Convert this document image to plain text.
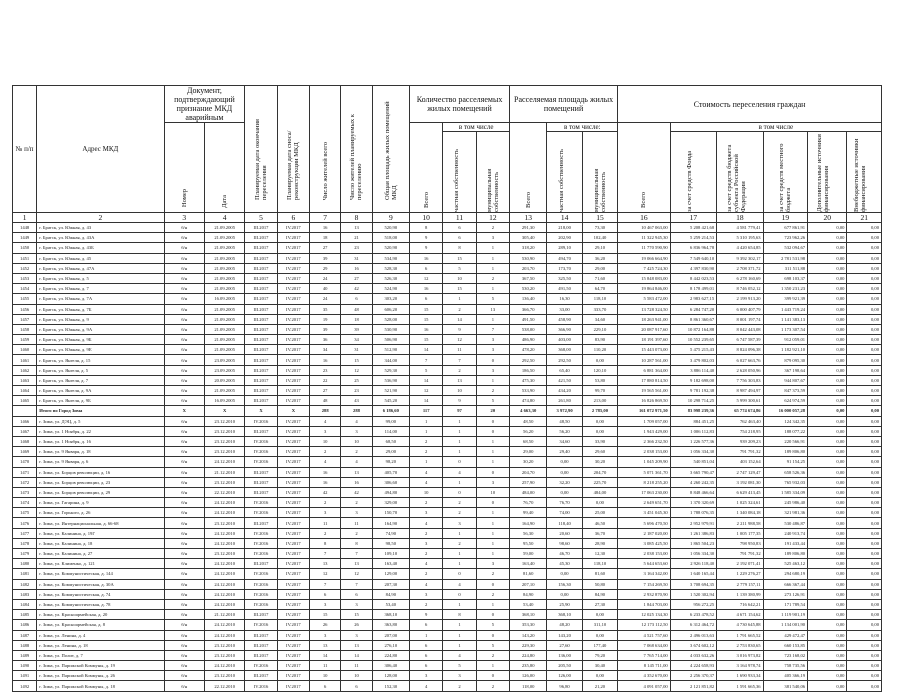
№ п/п	Адрес МКД	Документ, подтверждающий признание МКД аварийным		Планируемая дата окончания переселения	Планируемая дата сноса/реконструкции МКД	Число жителей всего	Число жителей планируемых к переселению	Общая площадь жилых помещений МКД	Количество расселяемых жилых помещений			Расселяемая площадь жилых помещений			Стоимость переселения граждан					

		Номер	Дата						Всего	в том числе		Всего	в том числе:		Всего	в том числе				

										частная собственность	муниципальная собственность		частная собственность	муниципальная собственность		за счет средств Фонда	за счет средств бюджета субъекта Российской Федерации	за счет средств местного бюджета	Дополнительные источники финансирования	Внебюджетные источники финансирования

1	2	3	4	5	6	7	8	9	10	11	12	13	14	15	16	17	18	19	20	21
1448	г. Братск, ул. Южная, д. 43	б/н	21.09.2005	III.2017	IV.2017	16	13	520,90	8	6	2	291,30	218,00	73,30	10 467 063,00	5 208 421,68	4 581 779,41	677 861,91	0,00	0,00
1449	г. Братск, ул. Южная, д. 43А	б/н	21.09.2005	III.2017	IV.2017	18	21	518,00	9	6	3	305,40	202,90	102,40	11 322 945,30	5 259 214,53	5 310 195,63	723 962,26	0,00	0,00
1450	г. Братск, ул. Южная, д. 43Б	б/н	21.09.2005	III.2017	IV.2017	27	23	520,90	9	8	1	318,20	289,10	29,10	11 770 590,90	6 836 964,78	4 420 654,85	532 094,67	0,00	0,00
1451	г. Братск, ул. Южная, д. 45	б/н	21.09.2005	III.2017	IV.2017	39	31	534,90	16	15	1	530,90	494,70	36,20	19 066 664,90	7 549 640,10	9 392 302,17	2 781 531,98	0,00	0,00
1452	г. Братск, ул. Южная, д. 47А	б/н	21.09.2005	III.2017	IV.2017	29	16	528,30	6	5	1	203,70	173,70	29,00	7 425 724,30	4 397 830,90	2 708 371,72	311 511,88	0,00	0,00
1453	г. Братск, ул. Южная, д. 5	б/н	21.09.2005	III.2017	IV.2017	24	27	526,30	12	10	2	367,50	325,50	71,60	15 848 083,00	8 442 023,53	6 278 160,69	698 103,37	0,00	0,00
1454	г. Братск, ул. Южная, д. 7	б/н	21.09.2005	III.2017	IV.2017	40	42	524,90	16	15	1	530,20	491,50	64,70	19 864 846,00	8 178 499,01	8 746 052,12	1 350 231,23	0,00	0,00
1455	г. Братск, ул. Южная, д. 7А	б/н	16.09.2005	III.2017	IV.2017	24	6	303,20	6	1	5	136,40	16,30	118,10	5 583 472,00	2 983 627,15	2 199 913,20	399 921,39	0,00	0,00
1456	г. Братск, ул. Южная, д. 7Б	б/н	21.09.2005	III.2017	IV.2017	35	48	606,20	15	2	13	366,70	33,00	333,70	13 728 324,50	6 284 747,20	6 000 407,79	1 443 719,24	0,00	0,00
1457	г. Братск, ул. Южная, д. 9	б/н	21.09.2005	III.2017	IV.2017	19	18	528,00	15	14	1	491,50	458,90	34,60	18 263 941,00	8 861 360,67	8 001 197,74	1 141 383,13	0,00	0,00
1458	г. Братск, ул. Южная, д. 9А	б/н	21.09.2005	III.2017	IV.2017	39	39	530,90	16	9	7	538,00	366,90	229,10	20 087 917,60	10 872 164,88	8 042 443,08	1 173 307,54	0,00	0,00
1459	г. Братск, ул. Южная, д. 9Б	б/н	21.09.2005	III.2017	IV.2017	36	34	506,90	15	12	3	486,90	403,00	83,90	18 191 397,60	10 552 239,65	6 747 587,39	912 059,01	0,00	0,00
1460	г. Братск, ул. Южная, д. 9Е	б/н	21.09.2005	III.2017	IV.2017	34	31	512,90	14	11	3	478,20	368,00	110,20	15 443 073,00	5 475 215,43	8 824 096,38	1 182 921,10	0,00	0,00
1461	г. Братск, ул. Янгеля, д. 15	б/н	23.09.2005	III.2017	IV.2017	16	15	344,00	7	7	0	292,50	292,50	0,00	10 287 561,00	3 479 802,03	6 027 663,76	879 095,30	0,00	0,00
1462	г. Братск, ул. Янгеля, д. 5	б/н	23.09.2005	III.2017	IV.2017	23	12	529,30	5	2	3	186,50	65,40	120,10	6 881 364,00	3 886 114,40	2 628 050,96	367 198,64	0,00	0,00
1463	г. Братск, ул. Янгеля, д. 7	б/н	20.09.2005	III.2017	IV.2017	22	25	536,90	14	13	1	475,30	421,50	53,80	17 880 814,50	9 182 698,00	7 756 303,83	944 807,67	0,00	0,00
1464	г. Братск, ул. Янгеля, д. 9А	б/н	21.09.2005	III.2017	IV.2017	27	23	521,90	12	10	2	533,90	434,20	99,70	19 565 561,00	9 781 192,38	8 987 494,97	847 373,59	0,00	0,00
1465	г. Братск, ул. Янгеля, д. 9Б	б/н	16.09.2005	III.2017	IV.2017	48	43	545,20	14	9	5	474,80	261,80	213,00	16 826 869,50	10 298 714,25	5 999 300,61	624 974,59	0,00	0,00
	Итого по Город Зима	X	X	X	X	288	288	6 186,60	117	97	20	4 663,30	3 972,90	2 785,00	161 072 971,50	83 998 239,36	65 774 674,86	16 000 057,28	0,00	0,00
1466	г. Зима, ул. ДЭЦ, д. 5	б/н	23.12.2010	IV.2016	IV.2017	4	4	99,00	1	1	0	48,50	48,50	0,00	1 709 057,00	884 451,25	762 463,40	124 342,35	0,00	0,00
1467	г. Зима, ул. 1 Ноября, д. 22	б/н	23.12.2010	III.2017	IV.2017	3	3	114,00	1	1	0	56,20	56,20	0,00	1 943 429,00	1 006 112,83	754 218,95	188 077,22	0,00	0,00
1468	г. Зима, ул. 1 Ноября, д. 16	б/н	23.12.2010	IV.2016	IV.2017	10	10	68,50	2	1	1	68,50	34,60	33,90	2 366 232,50	1 226 577,36	939 209,23	220 566,91	0,00	0,00
1469	г. Зима, ул. 9 Января, д. 18	б/н	23.12.2010	IV.2016	IV.2017	2	2	29,00	2	1	1	29,00	29,40	29,60	2 038 153,00	1 056 334,30	791 791,32	189 806,80	0,00	0,00
1470	г. Зима, ул. 9 Января, д. 6	б/н	24.12.2010	IV.2016	IV.2017	4	4	98,20	1	0	1	30,20	0,00	30,20	1 045 209,90	540 851,04	403 152,64	91 154,25	0,00	0,00
1471	г. Зима, ул. Борцов революции, д. 16	б/н	21.12.2010	III.2017	IV.2017	16	13	405,70	4	4	0	204,70	0,00	204,70	5 071 361,70	3 665 790,47	2 747 129,47	658 526,36	0,00	0,00
1472	г. Зима, ул. Борцов революции, д. 23	б/н	23.12.2010	III.2017	IV.2017	16	16	306,60	4	1	3	257,90	32,20	225,70	8 218 255,20	4 260 242,35	3 192 081,30	765 932,03	0,00	0,00
1473	г. Зима, ул. Борцов революции, д. 29	б/н	22.12.2010	III.2017	IV.2017	42	42	494,80	10	0	10	484,00	0,00	484,00	17 063 230,00	8 848 466,64	6 629 413,45	1 585 334,09	0,00	0,00
1474	г. Зима, ул. Гагарина, д. 9	б/н	24.12.2010	IV.2016	IV.2017	2	2	329,00	2	2	0	76,70	76,70	0,00	2 649 651,70	1 370 320,69	1 025 324,61	245 986,40	0,00	0,00
1475	г. Зима, ул. Горького, д. 26	б/н	24.12.2010	IV.2016	IV.2017	3	3	150,70	3	2	1	99,40	74,00	25,00	3 451 045,30	1 788 076,35	1 340 084,18	321 981,36	0,00	0,00
1476	г. Зима, ул. Интернациональная, д. 66-68	б/н	23.12.2010	III.2017	IV.2017	11	11	164,90	4	3	1	164,90	118,40	46,50	5 696 470,50	2 952 979,91	2 211 988,58	530 486,87	0,00	0,00
1477	г. Зима, ул. Калинина, д. 19Г	б/н	24.12.2010	IV.2016	IV.2017	2	2	74,90	2	1	1	56,30	20,60	36,70	2 187 020,00	1 261 386,83	1 005 177,35	240 913,74	0,00	0,00
1478	г. Зима, ул. Калинина, д. 18	б/н	24.12.2010	IV.2016	IV.2017	8	8	98,50	3	2	1	95,50	98,60	28,90	3 085 425,50	1 865 504,23	798 950,83	191 433,44	0,00	0,00
1479	г. Зима, ул. Калинина, д. 27	б/н	23.12.2010	IV.2016	IV.2017	7	7	109,10	2	1	1	59,00	46,70	12,30	2 038 153,00	1 056 334,30	791 791,32	189 806,80	0,00	0,00
1480	г. Зима, ул. Клименко, д. 121	б/н	24.12.2010	III.2017	IV.2017	13	13	163,40	4	1	3	163,40	45,30	118,10	5 644 653,60	2 926 118,40	2 192 071,41	525 463,12	0,00	0,00
1481	г. Зима, ул. Коммунистическая, д. 144	б/н	24.12.2010	IV.2016	IV.2017	12	12	129,00	2	0	2	81,60	0,00	81,60	3 164 342,00	1 640 165,44	1 229 276,27	294 680,19	0,00	0,00
1482	г. Зима, ул. Коммунистическая, д. 30А	б/н	24.12.2010	IV.2016	IV.2017	7	7	207,30	4	4	0	207,10	156,30	50,80	7 154 269,50	3 708 694,35	2 779 157,11	666 367,44	0,00	0,00
1483	г. Зима, ул. Коммунистическая, д. 74	б/н	24.12.2010	IV.2016	IV.2017	6	6	84,90	3	0	2	84,90	0,00	84,90	2 932 870,90	1 520 302,94	1 139 380,99	273 126,91	0,00	0,00
1484	г. Зима, ул. Коммунистическая, д. 78	б/н	24.12.2010	IV.2016	IV.2017	3	3	53,40	2	1	1	53,40	25,90	27,30	1 844 703,00	956 272,25	716 642,21	171 789,54	0,00	0,00
1485	г. Зима, ул. Красноармейская, д. 20	б/н	21.12.2010	III.2017	IV.2017	15	15	368,10	9	8	0	368,10	368,10	0,00	12 025 134,30	6 233 478,52	4 671 154,62	1 119 901,19	0,00	0,00
1486	г. Зима, ул. Красноармейская, д. 8	б/н	24.12.2010	IV.2016	IV.2017	26	26	363,80	6	1	5	353,30	48,20	311,10	12 173 112,50	6 312 464,72	4 730 645,88	1 134 001,90	0,00	0,00
1487	г. Зима, ул. Ленина, д. 4	б/н	24.12.2010	III.2017	IV.2017	3	3	207,00	1	1	0	143,20	143,20	0,00	4 521 757,60	2 496 013,63	1 791 665,52	429 472,47	0,00	0,00
1488	г. Зима, ул. Ленина, д. 18	б/н	23.12.2010	III.2017	IV.2017	13	13	276,10	6	1	5	229,30	27,60	177,40	7 068 634,00	3 674 602,12	2 753 830,65	660 153,85	0,00	0,00
1489	г. Зима, ул. Полит, д. 7	б/н	23.12.2010	III.2017	IV.2017	14	14	224,80	6	4	2	224,80	136,00	79,20	7 765 714,00	4 033 632,26	3 016 973,82	723 168,02	0,00	0,00
1490	г. Зима, ул. Парижской Коммуны, д. 19	б/н	24.12.2010	IV.2016	IV.2017	11	11	306,40	6	5	1	235,80	205,50	30,40	8 145 711,00	4 224 658,93	3 164 978,74	758 735,56	0,00	0,00
1491	г. Зима, ул. Парижской Коммуны, д. 26	б/н	23.12.2010	III.2017	IV.2017	10	10	128,00	3	3	0	126,00	126,00	0,00	4 352 670,00	2 256 370,37	1 690 933,34	405 366,19	0,00	0,00
1492	г. Зима, ул. Парижской Коммуны, д. 18	б/н	22.12.2010	IV.2016	IV.2017	6	6	152,30	4	2	2	118,00	96,80	21,20	4 091 057,00	2 121 851,82	1 591 665,36	381 540,06	0,00	0,00
